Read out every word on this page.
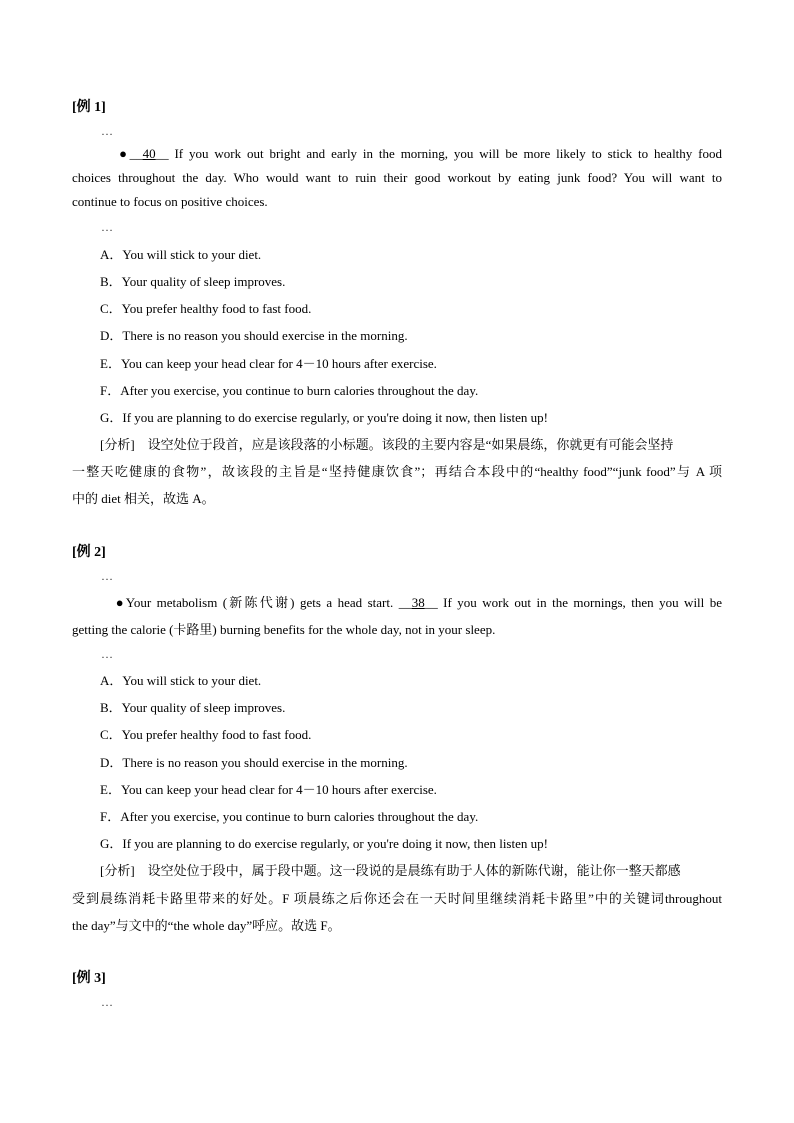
[例 1]
…
●__40__ If you work out bright and early in the morning, you will be more likely to stick to healthy food
choices throughout the day. Who would want to ruin their good workout by eating junk food? You will want to
continue to focus on positive choices.
…
A．You will stick to your diet.
B．Your quality of sleep improves.
C．You prefer healthy food to fast food.
D．There is no reason you should exercise in the morning.
E．You can keep your head clear for 4－10 hours after exercise.
F．After you exercise, you continue to burn calories throughout the day.
G．If you are planning to do exercise regularly, or you're doing it now, then listen up!
[分析]　设空处位于段首，应是该段落的小标题。该段的主要内容是“如果晨练，你就更有可能会坚持
一整天吃健康的食物”，故该段的主旨是“坚持健康饮食”；再结合本段中的“healthy food”“junk food”与 A 项
中的 diet 相关，故选 A。
[例 2]
…
●Your metabolism (新陈代谢) gets a head start. __38__ If you work out in the mornings, then you will be
getting the calorie (卡路里) burning benefits for the whole day, not in your sleep.
…
A．You will stick to your diet.
B．Your quality of sleep improves.
C．You prefer healthy food to fast food.
D．There is no reason you should exercise in the morning.
E．You can keep your head clear for 4－10 hours after exercise.
F．After you exercise, you continue to burn calories throughout the day.
G．If you are planning to do exercise regularly, or you're doing it now, then listen up!
[分析]　设空处位于段中，属于段中题。这一段说的是晨练有助于人体的新陈代谢，能让你一整天都感
受到晨练消耗卡路里带来的好处。F 项晨练之后你还会在一天时间里继续消耗卡路里”中的关键词throughout
the day”与文中的“the whole day”呼应。故选 F。
[例 3]
…
